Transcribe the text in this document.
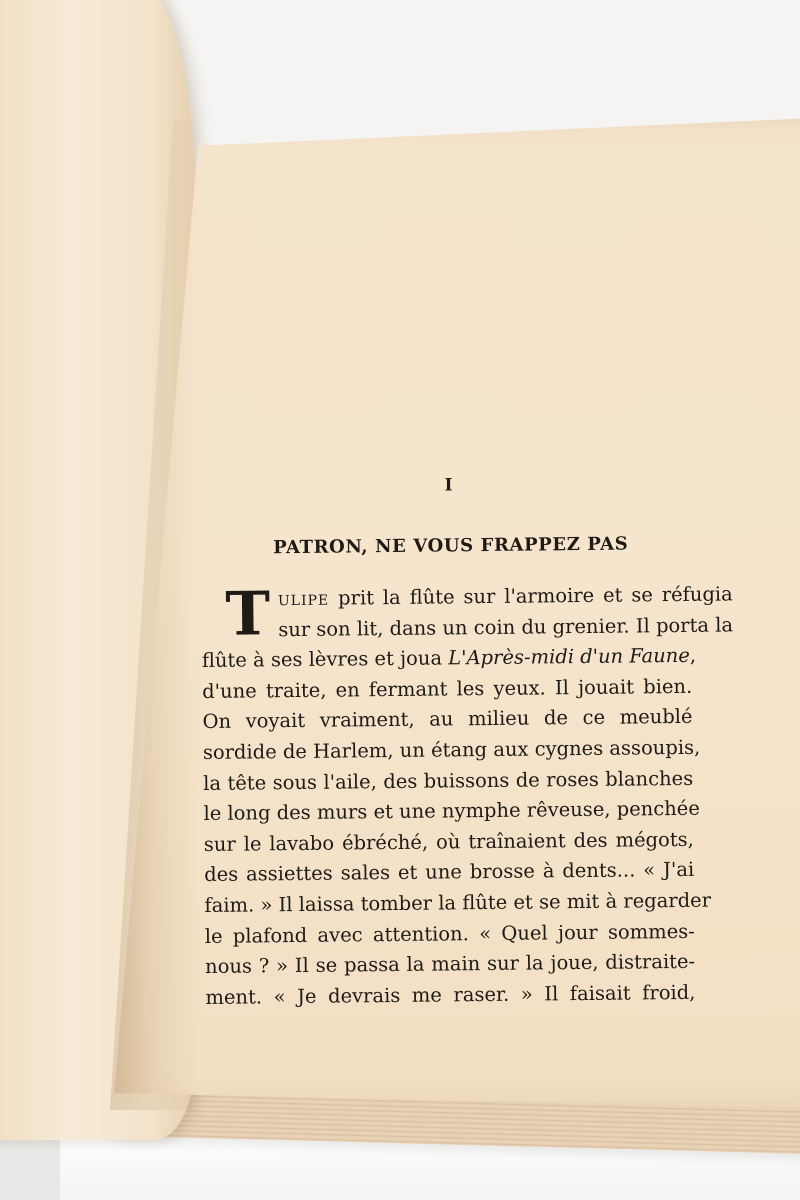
I
PATRON, NE VOUS FRAPPEZ PAS
T ulipe prit la flûte sur l'armoire et se réfugia
sur son lit, dans un coin du grenier. Il porta la
flûte à ses lèvres et joua L'Après-midi d'un Faune,
d'une traite, en fermant les yeux. Il jouait bien.
On voyait vraiment, au milieu de ce meublé
sordide de Harlem, un étang aux cygnes assoupis,
la tête sous l'aile, des buissons de roses blanches
le long des murs et une nymphe rêveuse, penchée
sur le lavabo ébréché, où traînaient des mégots,
des assiettes sales et une brosse à dents... « J'ai
faim. » Il laissa tomber la flûte et se mit à regarder
le plafond avec attention. « Quel jour sommes-
nous ? » Il se passa la main sur la joue, distraite-
ment. « Je devrais me raser. » Il faisait froid,
